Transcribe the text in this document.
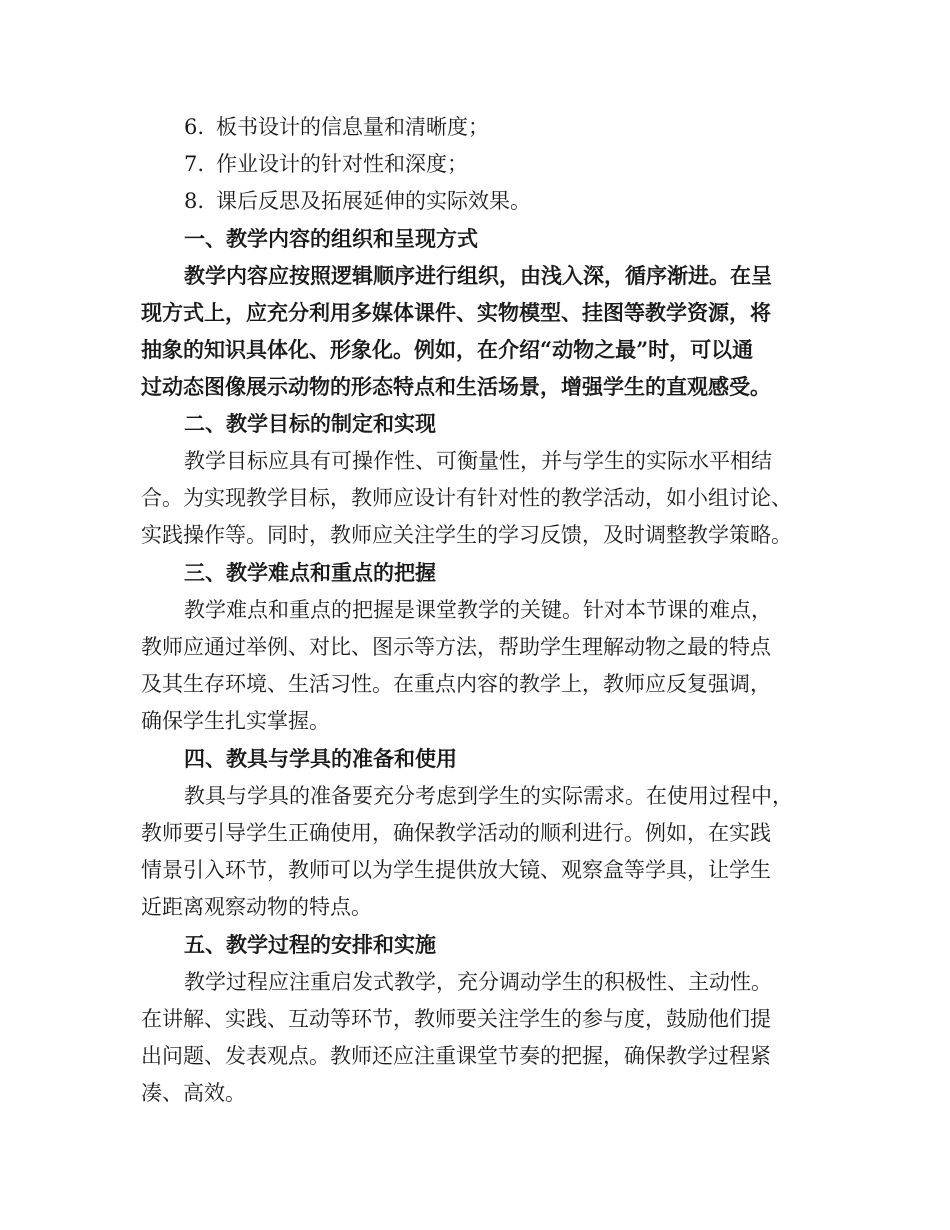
6. 板书设计的信息量和清晰度；
7. 作业设计的针对性和深度；
8. 课后反思及拓展延伸的实际效果。
一、教学内容的组织和呈现方式
教学内容应按照逻辑顺序进行组织，由浅入深，循序渐进。在呈
现方式上，应充分利用多媒体课件、实物模型、挂图等教学资源，将
抽象的知识具体化、形象化。例如，在介绍“动物之最”时，可以通
过动态图像展示动物的形态特点和生活场景，增强学生的直观感受。
二、教学目标的制定和实现
教学目标应具有可操作性、可衡量性，并与学生的实际水平相结
合。为实现教学目标，教师应设计有针对性的教学活动，如小组讨论、
实践操作等。同时，教师应关注学生的学习反馈，及时调整教学策略。
三、教学难点和重点的把握
教学难点和重点的把握是课堂教学的关键。针对本节课的难点，
教师应通过举例、对比、图示等方法，帮助学生理解动物之最的特点
及其生存环境、生活习性。在重点内容的教学上，教师应反复强调，
确保学生扎实掌握。
四、教具与学具的准备和使用
教具与学具的准备要充分考虑到学生的实际需求。在使用过程中，
教师要引导学生正确使用，确保教学活动的顺利进行。例如，在实践
情景引入环节，教师可以为学生提供放大镜、观察盒等学具，让学生
近距离观察动物的特点。
五、教学过程的安排和实施
教学过程应注重启发式教学，充分调动学生的积极性、主动性。
在讲解、实践、互动等环节，教师要关注学生的参与度，鼓励他们提
出问题、发表观点。教师还应注重课堂节奏的把握，确保教学过程紧
凑、高效。
